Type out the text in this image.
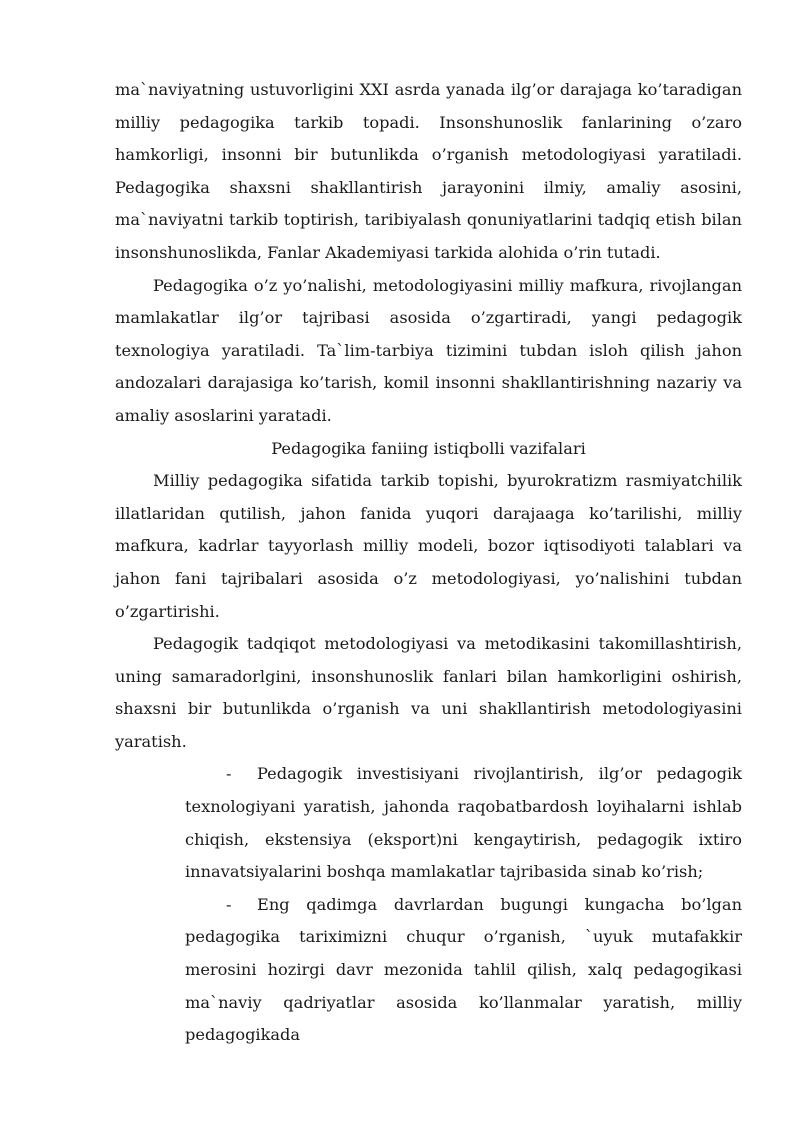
ma`naviyatning ustuvorligini XXI asrda yanada ilg’or darajaga ko’taradigan milliy pedagogika tarkib topadi. Insonshunoslik fanlarining o’zaro hamkorligi, insonni bir butunlikda o’rganish metodologiyasi yaratiladi. Pedagogika shaxsni shakllantirish jarayonini ilmiy, amaliy asosini, ma`naviyatni tarkib toptirish, taribiyalash qonuniyatlarini tadqiq etish bilan insonshunoslikda, Fanlar Akademiyasi tarkida alohida o’rin tutadi.

Pedagogika o’z yo’nalishi, metodologiyasini milliy mafkura, rivojlangan mamlakatlar ilg’or tajribasi asosida o’zgartiradi, yangi pedagogik texnologiya yaratiladi. Ta`lim-tarbiya tizimini tubdan isloh qilish jahon andozalari darajasiga ko’tarish, komil insonni shakllantirishning nazariy va amaliy asoslarini yaratadi.

Pedagogika faniing istiqbolli vazifalari

Milliy pedagogika sifatida tarkib topishi, byurokratizm rasmiyatchilik illatlaridan qutilish, jahon fanida yuqori darajaaga ko’tarilishi, milliy mafkura, kadrlar tayyorlash milliy modeli, bozor iqtisodiyoti talablari va jahon fani tajribalari asosida o’z metodologiyasi, yo’nalishini tubdan o’zgartirishi.

Pedagogik tadqiqot metodologiyasi va metodikasini takomillashtirish, uning samaradorlgini, insonshunoslik fanlari bilan hamkorligini oshirish, shaxsni bir butunlikda o’rganish va uni shakllantirish metodologiyasini yaratish.

- Pedagogik investisiyani rivojlantirish, ilg’or pedagogik texnologiyani yaratish, jahonda raqobatbardosh loyihalarni ishlab chiqish, ekstensiya (eksport)ni kengaytirish, pedagogik ixtiro innavatsiyalarini boshqa mamlakatlar tajribasida sinab ko’rish;
- Eng qadimga davrlardan bugungi kungacha bo’lgan pedagogika tariximizni chuqur o’rganish, `uyuk mutafakkir merosini hozirgi davr mezonida tahlil qilish, xalq pedagogikasi ma`naviy qadriyatlar asosida ko’llanmalar yaratish, milliy pedagogikada
